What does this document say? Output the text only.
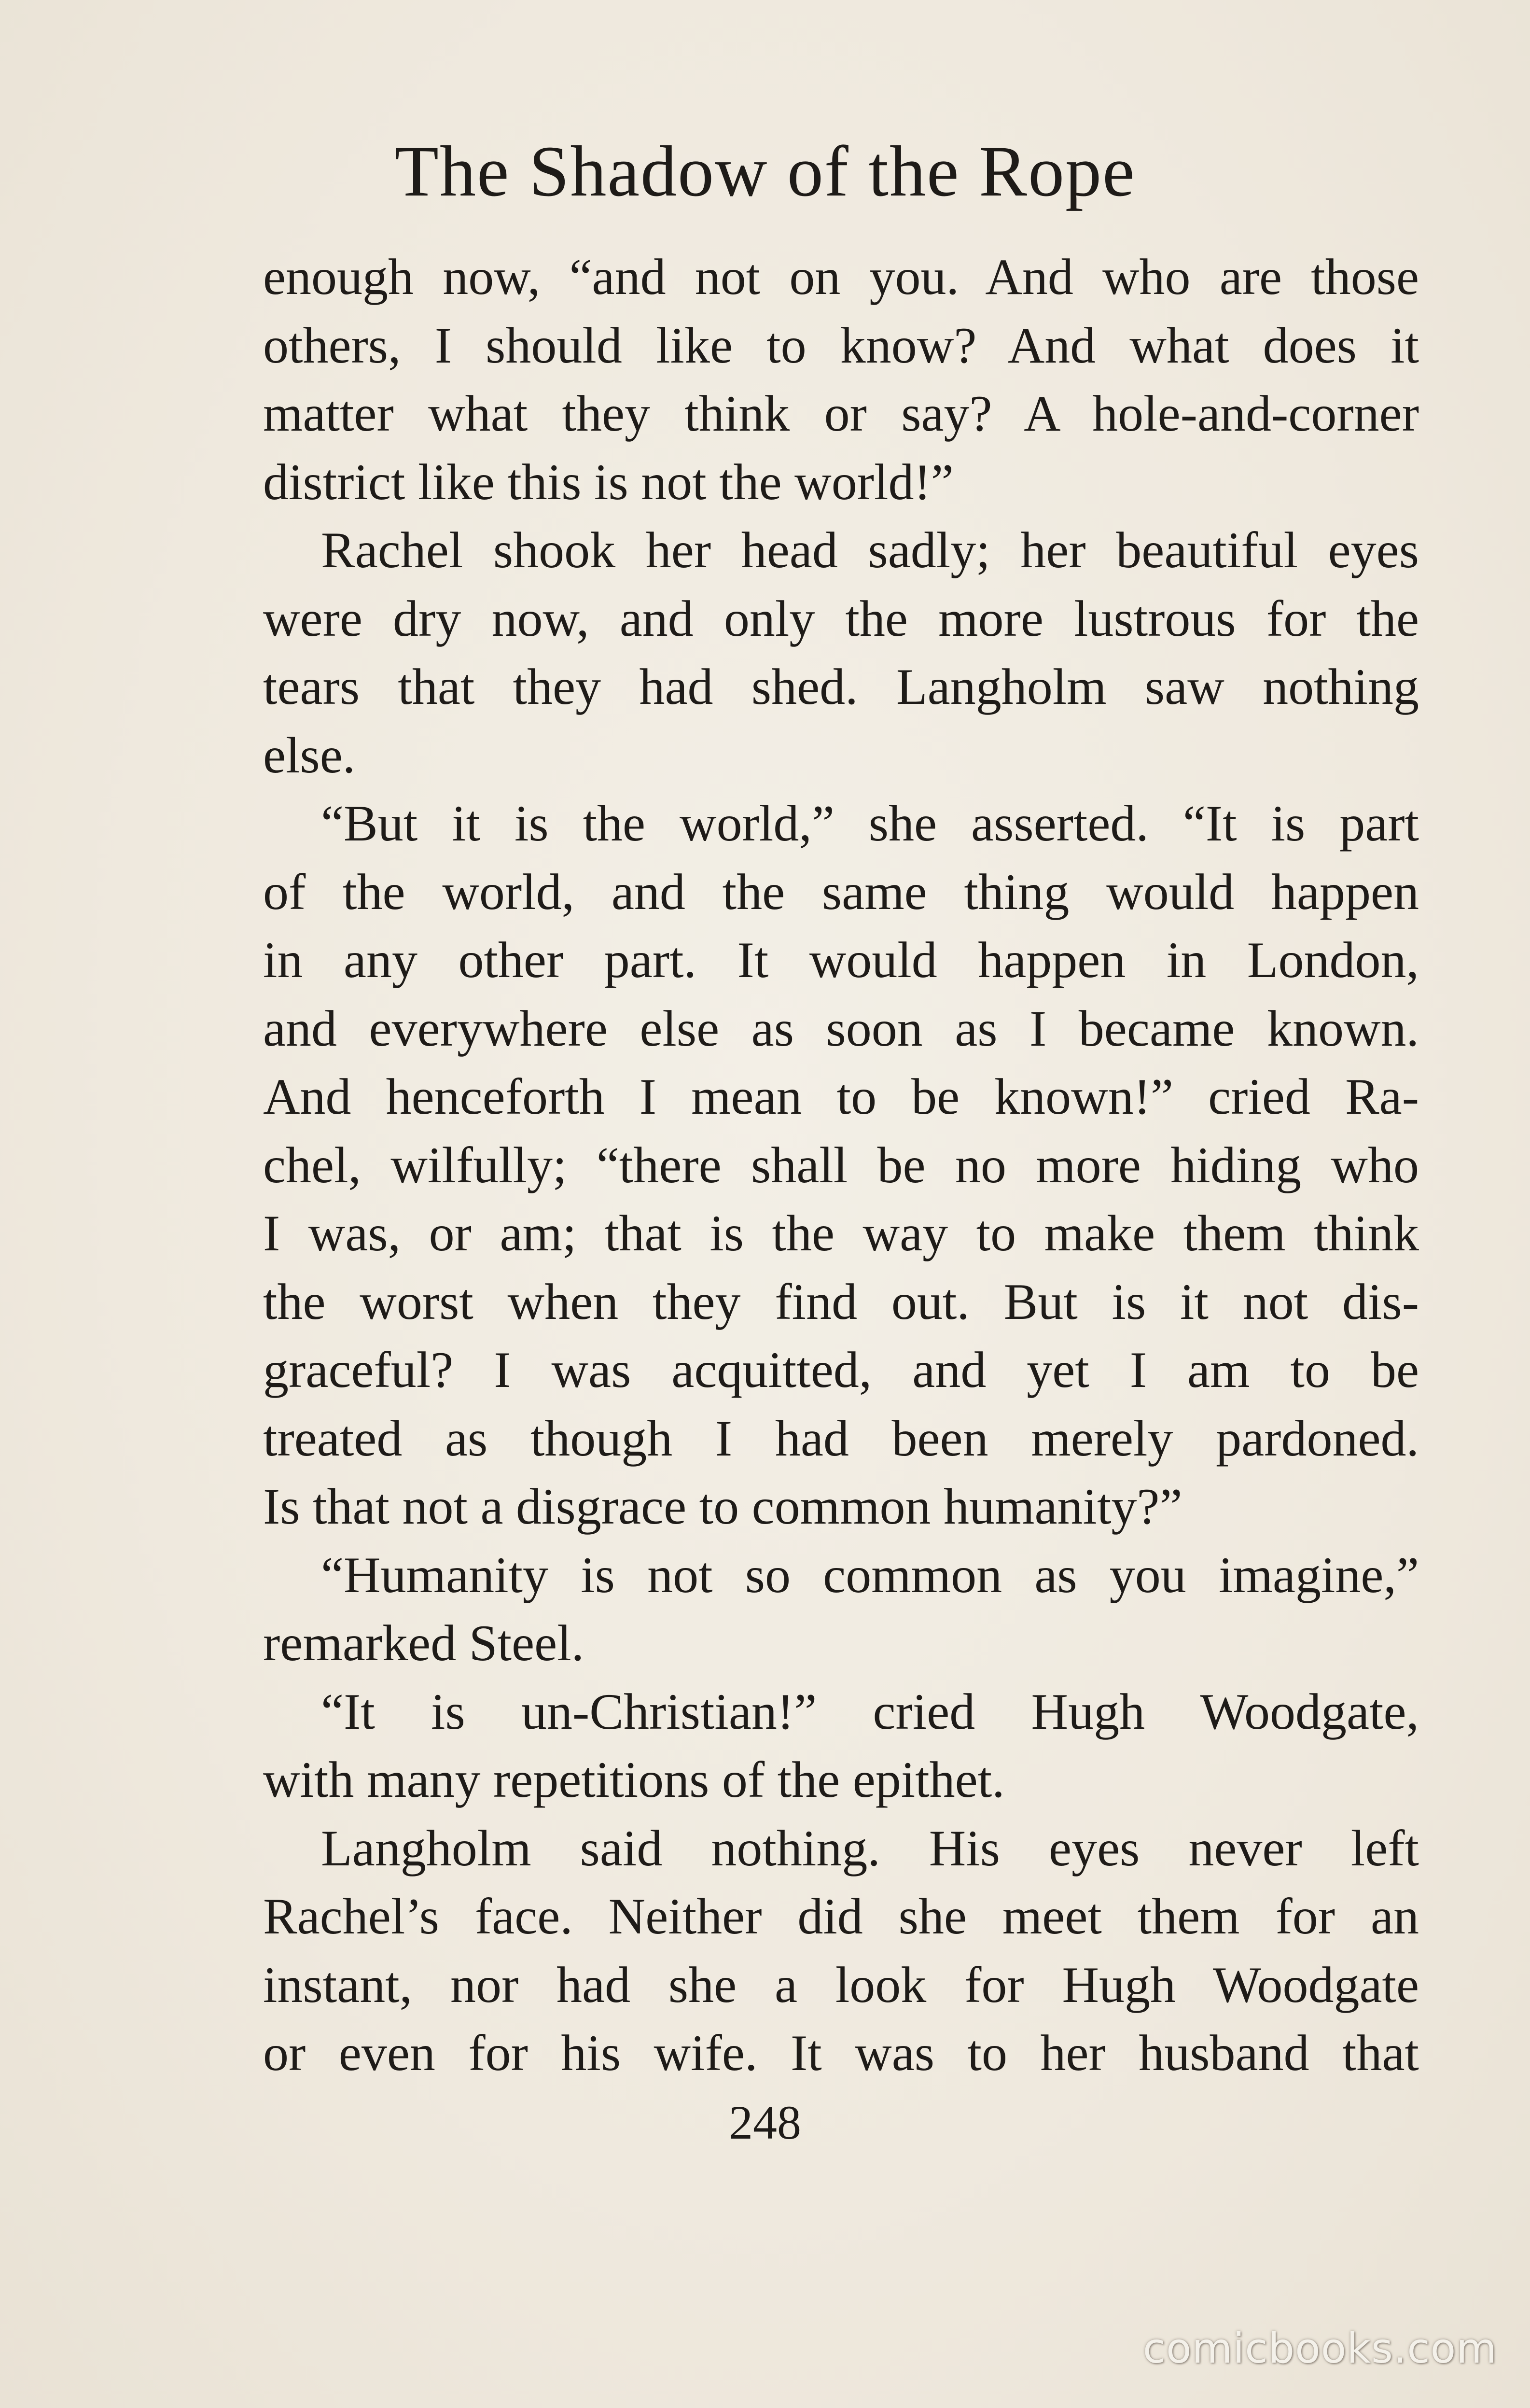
The Shadow of the Rope
enough now, “and not on you. And who are those
others, I should like to know? And what does it
matter what they think or say? A hole-and-corner
district like this is not the world!”
Rachel shook her head sadly; her beautiful eyes
were dry now, and only the more lustrous for the
tears that they had shed. Langholm saw nothing
else.
“But it is the world,” she asserted. “It is part
of the world, and the same thing would happen
in any other part. It would happen in London,
and everywhere else as soon as I became known.
And henceforth I mean to be known!” cried Ra-
chel, wilfully; “there shall be no more hiding who
I was, or am; that is the way to make them think
the worst when they find out. But is it not dis-
graceful? I was acquitted, and yet I am to be
treated as though I had been merely pardoned.
Is that not a disgrace to common humanity?”
“Humanity is not so common as you imagine,”
remarked Steel.
“It is un-Christian!” cried Hugh Woodgate,
with many repetitions of the epithet.
Langholm said nothing. His eyes never left
Rachel’s face. Neither did she meet them for an
instant, nor had she a look for Hugh Woodgate
or even for his wife. It was to her husband that
248
comicbooks.com
